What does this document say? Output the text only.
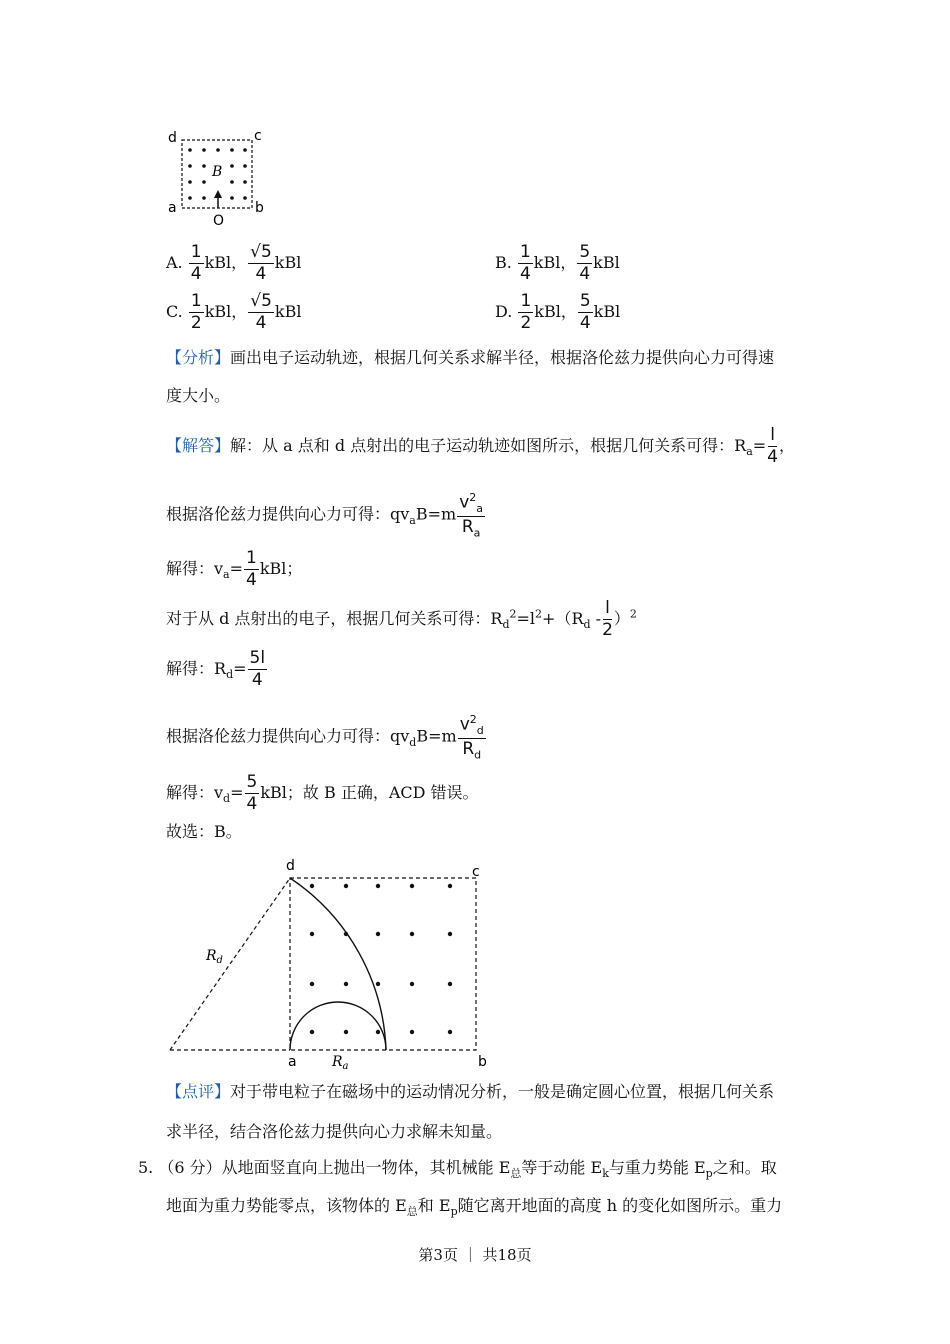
d	c
a	b
O
B
A. $\frac{1}{4}$ kBl， $\frac{√5}{4}$ kBl	B. $\frac{1}{4}$ kBl， $\frac{5}{4}$ kBl
C. $\frac{1}{2}$ kBl， $\frac{√5}{4}$ kBl	D. $\frac{1}{2}$ kBl， $\frac{5}{4}$ kBl
【分析】画出电子运动轨迹，根据几何关系求解半径，根据洛伦兹力提供向心力可得速
度大小。
【解答】解：从 a 点和 d 点射出的电子运动轨迹如图所示，根据几何关系可得：$R_a= \frac{l}{4}$ ，
根据洛伦兹力提供向心力可得：$qv_aB=m \frac{v^2_a}{R_a}$
解得：$v_a= \frac{1}{4}$ kBl；
对于从 d 点射出的电子，根据几何关系可得：$R_d^2=l^2+(R_d - \frac{l}{2} )^2$
解得：$R_d= \frac{5l}{4}$
根据洛伦兹力提供向心力可得：$qv_dB=m \frac{v^2_d}{R_d}$
解得：$v_d= \frac{5}{4}$ kBl；故 B 正确，ACD 错误。
故选：B。
d	c
a	b
$R_d$
$R_a$
【点评】对于带电粒子在磁场中的运动情况分析，一般是确定圆心位置，根据几何关系
求半径，结合洛伦兹力提供向心力求解未知量。
5. （6 分）从地面竖直向上抛出一物体，其机械能 $E_总$等于动能 $E_k$与重力势能 $E_p$之和。取
地面为重力势能零点，该物体的 $E_总$和 $E_p$随它离开地面的高度 h 的变化如图所示。重力
第3页 ｜ 共18页
